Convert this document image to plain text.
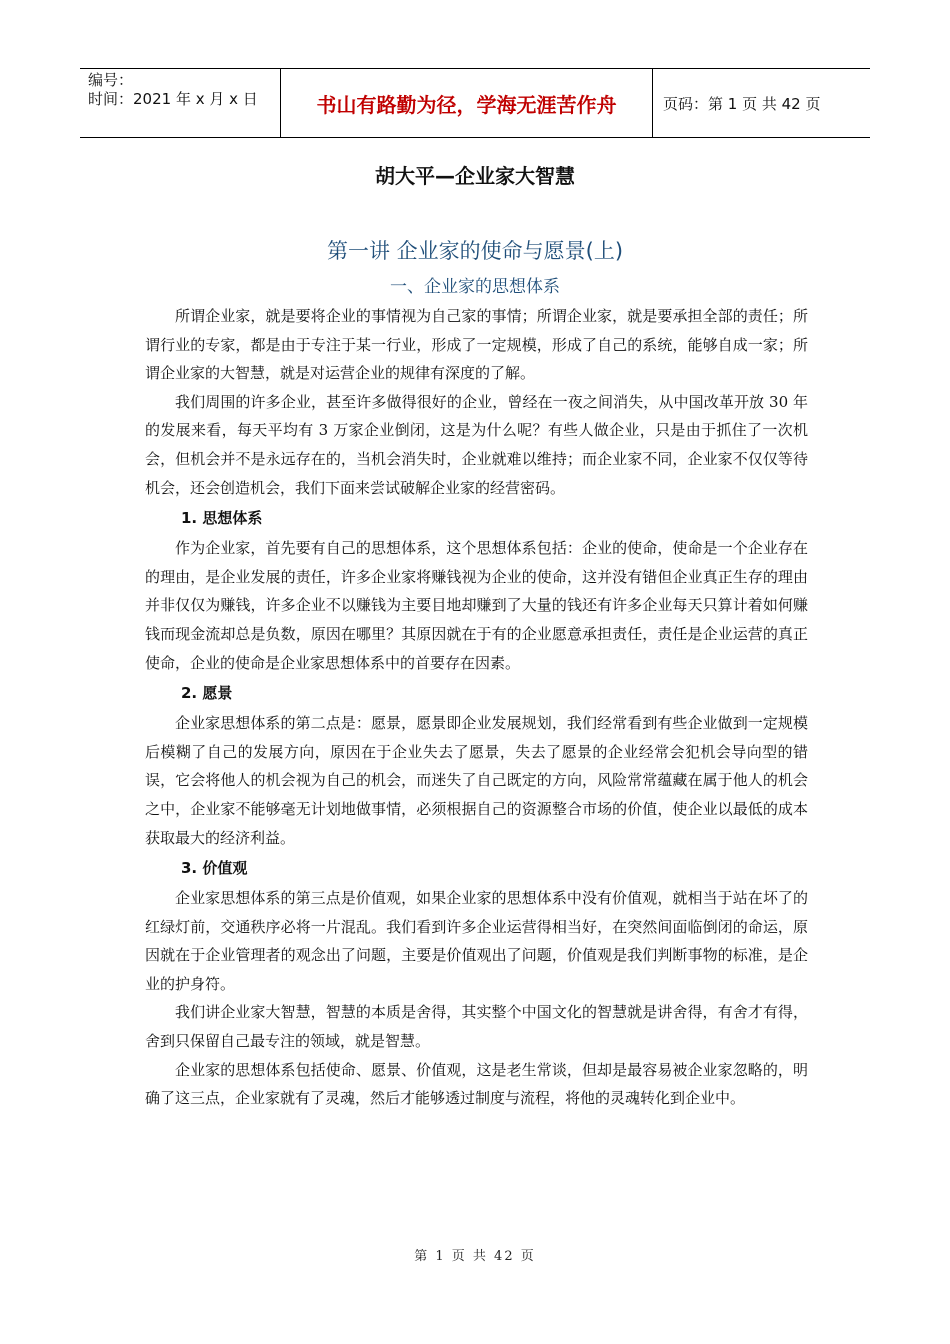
编号：
时间：2021 年 x 月 x 日	书山有路勤为径，学海无涯苦作舟	页码：第 1 页 共 42 页
胡大平—企业家大智慧
第一讲 企业家的使命与愿景(上)
一、企业家的思想体系

所谓企业家，就是要将企业的事情视为自己家的事情；所谓企业家，就是要承担全部的责任；所谓行业的专家，都是由于专注于某一行业，形成了一定规模，形成了自己的系统，能够自成一家；所谓企业家的大智慧，就是对运营企业的规律有深度的了解。

我们周围的许多企业，甚至许多做得很好的企业，曾经在一夜之间消失，从中国改革开放 30 年的发展来看，每天平均有 3 万家企业倒闭，这是为什么呢？有些人做企业，只是由于抓住了一次机会，但机会并不是永远存在的，当机会消失时，企业就难以维持；而企业家不同，企业家不仅仅等待机会，还会创造机会，我们下面来尝试破解企业家的经营密码。

1. 思想体系

作为企业家，首先要有自己的思想体系，这个思想体系包括：企业的使命，使命是一个企业存在的理由，是企业发展的责任，许多企业家将赚钱视为企业的使命，这并没有错但企业真正生存的理由并非仅仅为赚钱，许多企业不以赚钱为主要目地却赚到了大量的钱还有许多企业每天只算计着如何赚钱而现金流却总是负数，原因在哪里？其原因就在于有的企业愿意承担责任，责任是企业运营的真正使命，企业的使命是企业家思想体系中的首要存在因素。

2. 愿景

企业家思想体系的第二点是：愿景，愿景即企业发展规划，我们经常看到有些企业做到一定规模后模糊了自己的发展方向，原因在于企业失去了愿景，失去了愿景的企业经常会犯机会导向型的错误，它会将他人的机会视为自己的机会，而迷失了自己既定的方向，风险常常蕴藏在属于他人的机会之中，企业家不能够毫无计划地做事情，必须根据自己的资源整合市场的价值，使企业以最低的成本获取最大的经济利益。

3. 价值观

企业家思想体系的第三点是价值观，如果企业家的思想体系中没有价值观，就相当于站在坏了的红绿灯前，交通秩序必将一片混乱。我们看到许多企业运营得相当好，在突然间面临倒闭的命运，原因就在于企业管理者的观念出了问题，主要是价值观出了问题，价值观是我们判断事物的标准，是企业的护身符。

我们讲企业家大智慧，智慧的本质是舍得，其实整个中国文化的智慧就是讲舍得，有舍才有得，舍到只保留自己最专注的领域，就是智慧。

企业家的思想体系包括使命、愿景、价值观，这是老生常谈，但却是最容易被企业家忽略的，明确了这三点，企业家就有了灵魂，然后才能够透过制度与流程，将他的灵魂转化到企业中。

第 1 页 共 42 页
